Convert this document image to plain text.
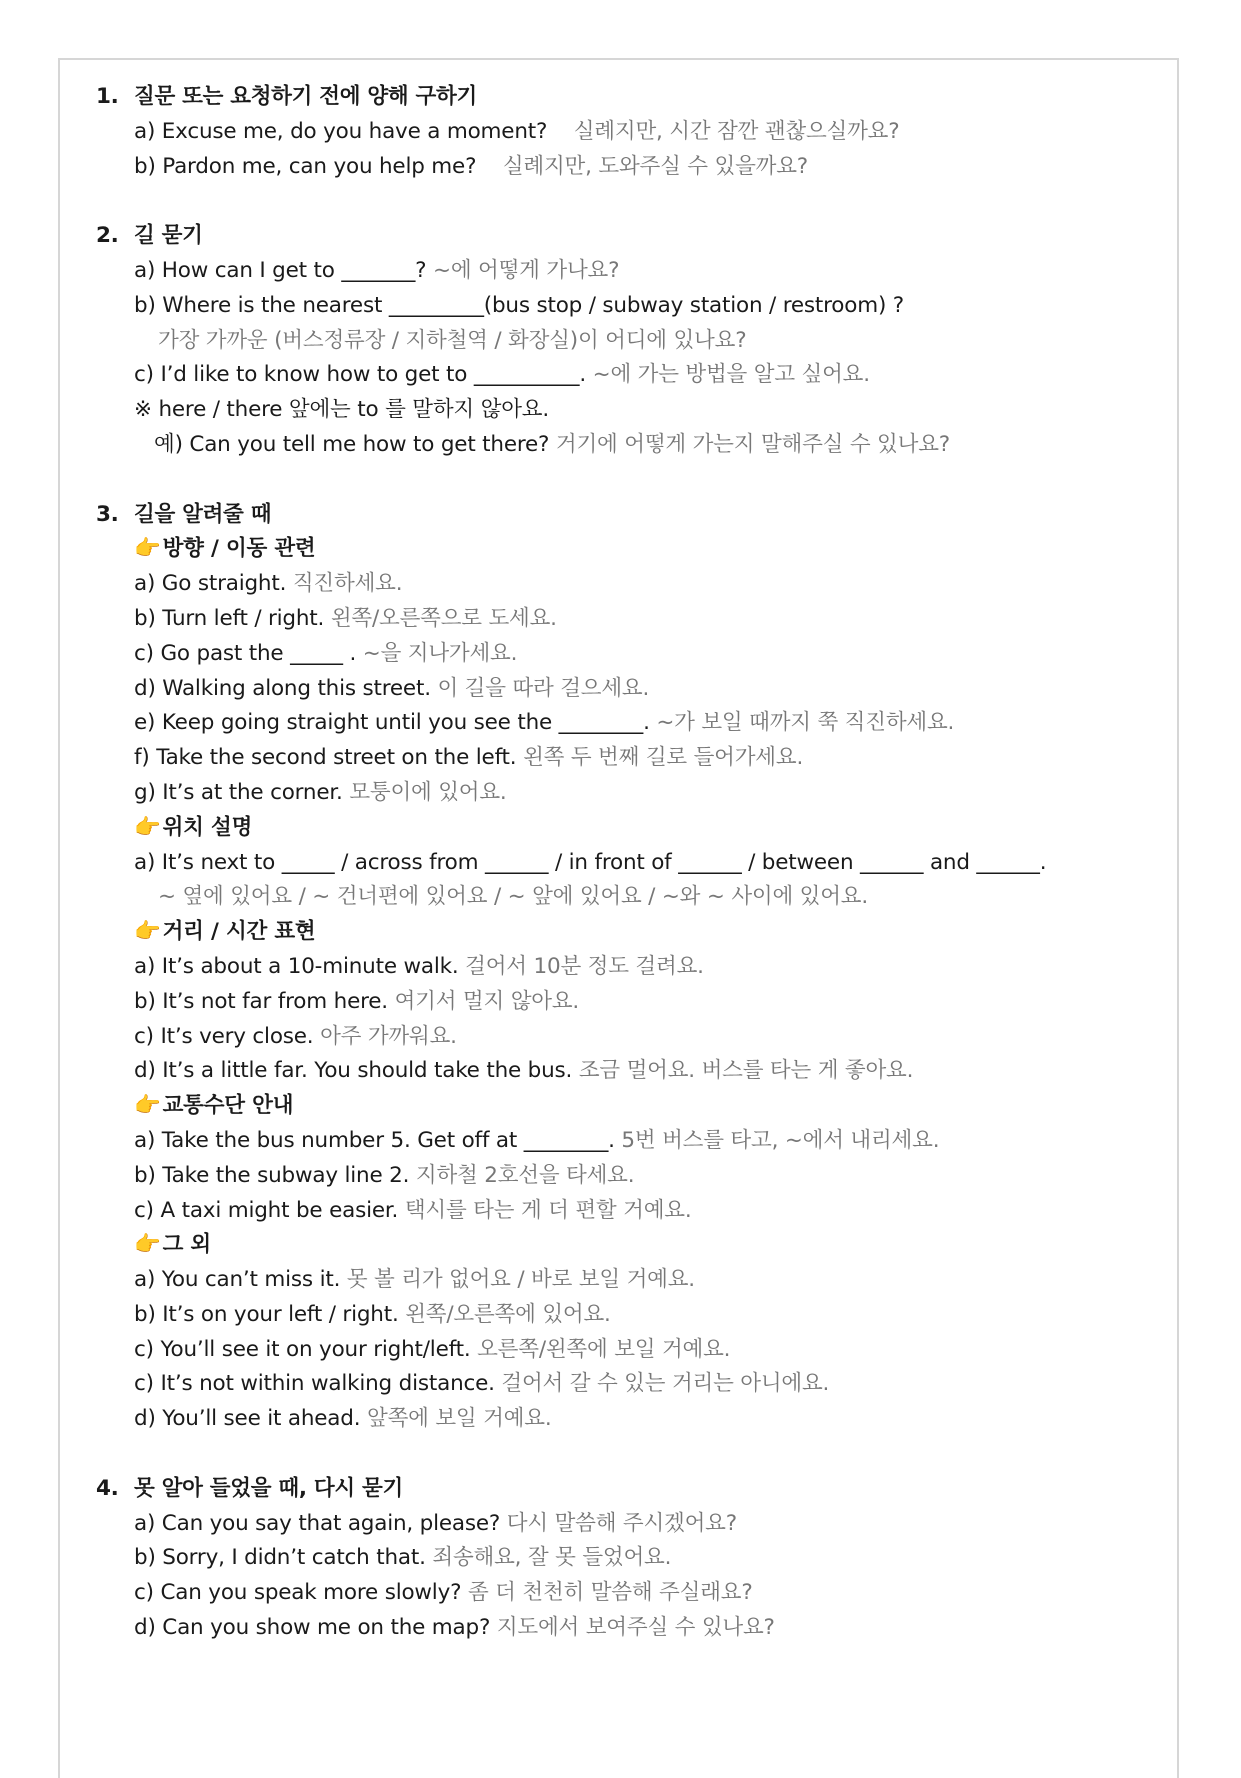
1. 질문 또는 요청하기 전에 양해 구하기
a) Excuse me, do you have a moment? 실례지만, 시간 잠깐 괜찮으실까요?
b) Pardon me, can you help me? 실례지만, 도와주실 수 있을까요?
2. 길 묻기
a) How can I get to _______? ~에 어떻게 가나요?
b) Where is the nearest _________(bus stop / subway station / restroom) ?
가장 가까운 (버스정류장 / 지하철역 / 화장실)이 어디에 있나요?
c) I’d like to know how to get to __________. ~에 가는 방법을 알고 싶어요.
※ here / there 앞에는 to 를 말하지 않아요.
예) Can you tell me how to get there? 거기에 어떻게 가는지 말해주실 수 있나요?
3. 길을 알려줄 때
👉방향 / 이동 관련
a) Go straight. 직진하세요.
b) Turn left / right. 왼쪽/오른쪽으로 도세요.
c) Go past the _____ . ~을 지나가세요.
d) Walking along this street. 이 길을 따라 걸으세요.
e) Keep going straight until you see the ________. ~가 보일 때까지 쭉 직진하세요.
f) Take the second street on the left. 왼쪽 두 번째 길로 들어가세요.
g) It’s at the corner. 모퉁이에 있어요.
👉위치 설명
a) It’s next to _____ / across from ______ / in front of ______ / between ______ and ______.
~ 옆에 있어요 / ~ 건너편에 있어요 / ~ 앞에 있어요 / ~와 ~ 사이에 있어요.
👉거리 / 시간 표현
a) It’s about a 10-minute walk. 걸어서 10분 정도 걸려요.
b) It’s not far from here. 여기서 멀지 않아요.
c) It’s very close. 아주 가까워요.
d) It’s a little far. You should take the bus. 조금 멀어요. 버스를 타는 게 좋아요.
👉교통수단 안내
a) Take the bus number 5. Get off at ________. 5번 버스를 타고, ~에서 내리세요.
b) Take the subway line 2. 지하철 2호선을 타세요.
c) A taxi might be easier. 택시를 타는 게 더 편할 거예요.
👉그 외
a) You can’t miss it. 못 볼 리가 없어요 / 바로 보일 거예요.
b) It’s on your left / right. 왼쪽/오른쪽에 있어요.
c) You’ll see it on your right/left. 오른쪽/왼쪽에 보일 거예요.
c) It’s not within walking distance. 걸어서 갈 수 있는 거리는 아니에요.
d) You’ll see it ahead. 앞쪽에 보일 거예요.
4. 못 알아 들었을 때, 다시 묻기
a) Can you say that again, please? 다시 말씀해 주시겠어요?
b) Sorry, I didn’t catch that. 죄송해요, 잘 못 들었어요.
c) Can you speak more slowly? 좀 더 천천히 말씀해 주실래요?
d) Can you show me on the map? 지도에서 보여주실 수 있나요?
